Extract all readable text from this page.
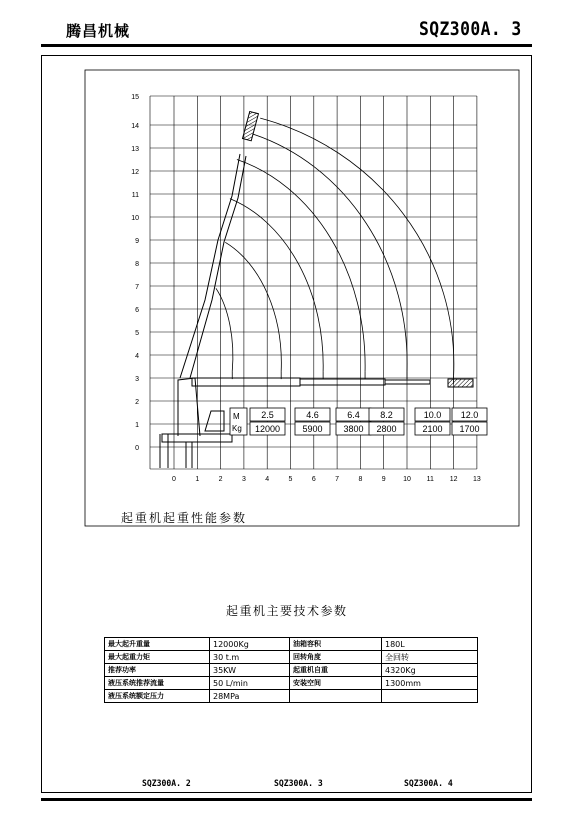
腾昌机械	SQZ300A. 3
0
1
2
3
4
5
6
7
8
9
10
11
12
13
14
15
0	1	2	3	4	5	6	7	8	9 10 11 12 13
M
Kg
2.5
12000
4.6
5900
6.4
3800
8.2
2800
10.0
2100
12.0
1700
起重机起重性能参数
起重机主要技术参数
最大起升重量	12000Kg	油箱容积	180L
最大起重力矩	30 t.m	回转角度	全回转
推荐功率	35KW	起重机自重	4320Kg
液压系统推荐流量	50 L/min	安装空间	1300mm
液压系统额定压力	28MPa		
SQZ300A. 2	SQZ300A. 3	SQZ300A. 4
